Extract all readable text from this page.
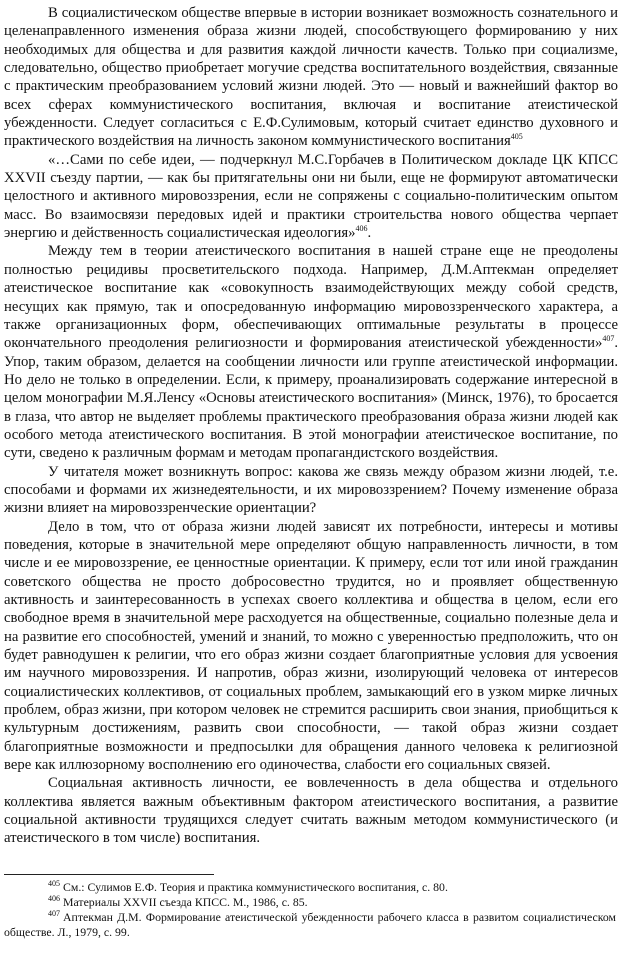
В социалистическом обществе впервые в истории возникает возможность сознательного и целенаправленного изменения образа жизни людей, способствующего формированию у них необходимых для общества и для развития каждой личности качеств. Только при социализме, следовательно, общество приобретает могучие средства воспитательного воздействия, связанные с практическим преобразованием условий жизни людей. Это — новый и важнейший фактор во всех сферах коммунистического воспитания, включая и воспитание атеистической убежденности. Следует согласиться с Е.Ф.Сулимовым, который считает единство духовного и практического воздействия на личность законом коммунистического воспитания$^{405}$

«…Сами по себе идеи, — подчеркнул М.С.Горбачев в Политическом докладе ЦК КПСС XXVII съезду партии, — как бы притягательны они ни были, еще не формируют автоматически целостного и активного мировоззрения, если не сопряжены с социально-политическим опытом масс. Во взаимосвязи передовых идей и практики строительства нового общества черпает энергию и действенность социалистическая идеология»$^{406}$.

Между тем в теории атеистического воспитания в нашей стране еще не преодолены полностью рецидивы просветительского подхода. Например, Д.М.Аптекман определяет атеистическое воспитание как «совокупность взаимодействующих между собой средств, несущих как прямую, так и опосредованную информацию мировоззренческого характера, а также организационных форм, обеспечивающих оптимальные результаты в процессе окончательного преодоления религиозности и формирования атеистической убежденности»$^{407}$. Упор, таким образом, делается на сообщении личности или группе атеистической информации. Но дело не только в определении. Если, к примеру, проанализировать содержание интересной в целом монографии М.Я.Ленсу «Основы атеистического воспитания» (Минск, 1976), то бросается в глаза, что автор не выделяет проблемы практического преобразования образа жизни людей как особого метода атеистического воспитания. В этой монографии атеистическое воспитание, по сути, сведено к различным формам и методам пропагандистского воздействия.

У читателя может возникнуть вопрос: какова же связь между образом жизни людей, т.е. способами и формами их жизнедеятельности, и их мировоззрением? Почему изменение образа жизни влияет на мировоззренческие ориентации?

Дело в том, что от образа жизни людей зависят их потребности, интересы и мотивы поведения, которые в значительной мере определяют общую направленность личности, в том числе и ее мировоззрение, ее ценностные ориентации. К примеру, если тот или иной гражданин советского общества не просто добросовестно трудится, но и проявляет общественную активность и заинтересованность в успехах своего коллектива и общества в целом, если его свободное время в значительной мере расходуется на общественные, социально полезные дела и на развитие его способностей, умений и знаний, то можно с уверенностью предположить, что он будет равнодушен к религии, что его образ жизни создает благоприятные условия для усвоения им научного мировоззрения. И напротив, образ жизни, изолирующий человека от интересов социалистических коллективов, от социальных проблем, замыкающий его в узком мирке личных проблем, образ жизни, при котором человек не стремится расширить свои знания, приобщиться к культурным достижениям, развить свои способности, — такой образ жизни создает благоприятные возможности и предпосылки для обращения данного человека к религиозной вере как иллюзорному восполнению его одиночества, слабости его социальных связей.

Социальная активность личности, ее вовлеченность в дела общества и отдельного коллектива является важным объективным фактором атеистического воспитания, а развитие социальной активности трудящихся следует считать важным методом коммунистического (и атеистического в том числе) воспитания.

$^{405}$ См.: Сулимов Е.Ф. Теория и практика коммунистического воспитания, с. 80.

$^{406}$ Материалы XXVII съезда КПСС. М., 1986, с. 85.

$^{407}$ Аптекман Д.М. Формирование атеистической убежденности рабочего класса в развитом социалистическом обществе. Л., 1979, с. 99.
